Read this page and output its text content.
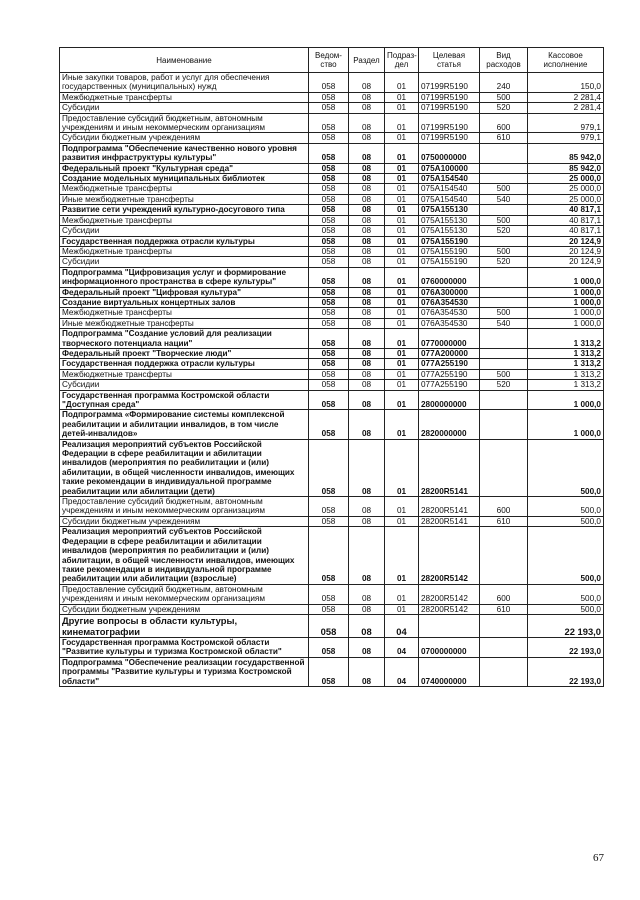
Наименование	Ведом-ство	Раздел	Подраз-дел	Целевая статья	Вид расходов	Кассовое исполнение
Иные закупки товаров, работ и услуг для обеспечения государственных (муниципальных) нужд	058	08	01	07199R5190	240	150,0
Межбюджетные трансферты	058	08	01	07199R5190	500	2 281,4
Субсидии	058	08	01	07199R5190	520	2 281,4
Предоставление субсидий бюджетным, автономным учреждениям и иным некоммерческим организациям	058	08	01	07199R5190	600	979,1
Субсидии бюджетным учреждениям	058	08	01	07199R5190	610	979,1
Подпрограмма "Обеспечение качественно нового уровня развития инфраструктуры культуры"	058	08	01	0750000000		85 942,0
Федеральный проект "Культурная среда"	058	08	01	075A100000		85 942,0
Создание модельных муниципальных библиотек	058	08	01	075A154540		25 000,0
Межбюджетные трансферты	058	08	01	075A154540	500	25 000,0
Иные межбюджетные трансферты	058	08	01	075A154540	540	25 000,0
Развитие сети учреждений культурно-досугового типа	058	08	01	075A155130		40 817,1
Межбюджетные трансферты	058	08	01	075A155130	500	40 817,1
Субсидии	058	08	01	075A155130	520	40 817,1
Государственная поддержка отрасли культуры	058	08	01	075A155190		20 124,9
Межбюджетные трансферты	058	08	01	075A155190	500	20 124,9
Субсидии	058	08	01	075A155190	520	20 124,9
Подпрограмма "Цифровизация услуг и формирование информационного пространства в сфере культуры"	058	08	01	0760000000		1 000,0
Федеральный проект "Цифровая культура"	058	08	01	076A300000		1 000,0
Создание виртуальных концертных залов	058	08	01	076A354530		1 000,0
Межбюджетные трансферты	058	08	01	076A354530	500	1 000,0
Иные межбюджетные трансферты	058	08	01	076A354530	540	1 000,0
Подпрограмма "Создание условий для реализации творческого потенциала нации"	058	08	01	0770000000		1 313,2
Федеральный проект "Творческие люди"	058	08	01	077A200000		1 313,2
Государственная поддержка отрасли культуры	058	08	01	077A255190		1 313,2
Межбюджетные трансферты	058	08	01	077A255190	500	1 313,2
Субсидии	058	08	01	077A255190	520	1 313,2
Государственная программа Костромской области "Доступная среда"	058	08	01	2800000000		1 000,0
Подпрограмма «Формирование системы комплексной реабилитации и абилитации инвалидов, в том числе детей-инвалидов»	058	08	01	2820000000		1 000,0
Реализация мероприятий субъектов Российской Федерации в сфере реабилитации и абилитации инвалидов (мероприятия по реабилитации и (или) абилитации, в общей численности инвалидов, имеющих такие рекомендации в индивидуальной программе реабилитации или абилитации (дети)	058	08	01	28200R5141		500,0
Предоставление субсидий бюджетным, автономным учреждениям и иным некоммерческим организациям	058	08	01	28200R5141	600	500,0
Субсидии бюджетным учреждениям	058	08	01	28200R5141	610	500,0
Реализация мероприятий субъектов Российской Федерации в сфере реабилитации и абилитации инвалидов (мероприятия по реабилитации и (или) абилитации, в общей численности инвалидов, имеющих такие рекомендации в индивидуальной программе реабилитации или абилитации (взрослые)	058	08	01	28200R5142		500,0
Предоставление субсидий бюджетным, автономным учреждениям и иным некоммерческим организациям	058	08	01	28200R5142	600	500,0
Субсидии бюджетным учреждениям	058	08	01	28200R5142	610	500,0
Другие вопросы в области культуры, кинематографии	058	08	04			22 193,0
Государственная программа Костромской области "Развитие культуры и туризма Костромской области"	058	08	04	0700000000		22 193,0
Подпрограмма "Обеспечение реализации государственной программы "Развитие культуры и туризма Костромской области"	058	08	04	0740000000		22 193,0
67
